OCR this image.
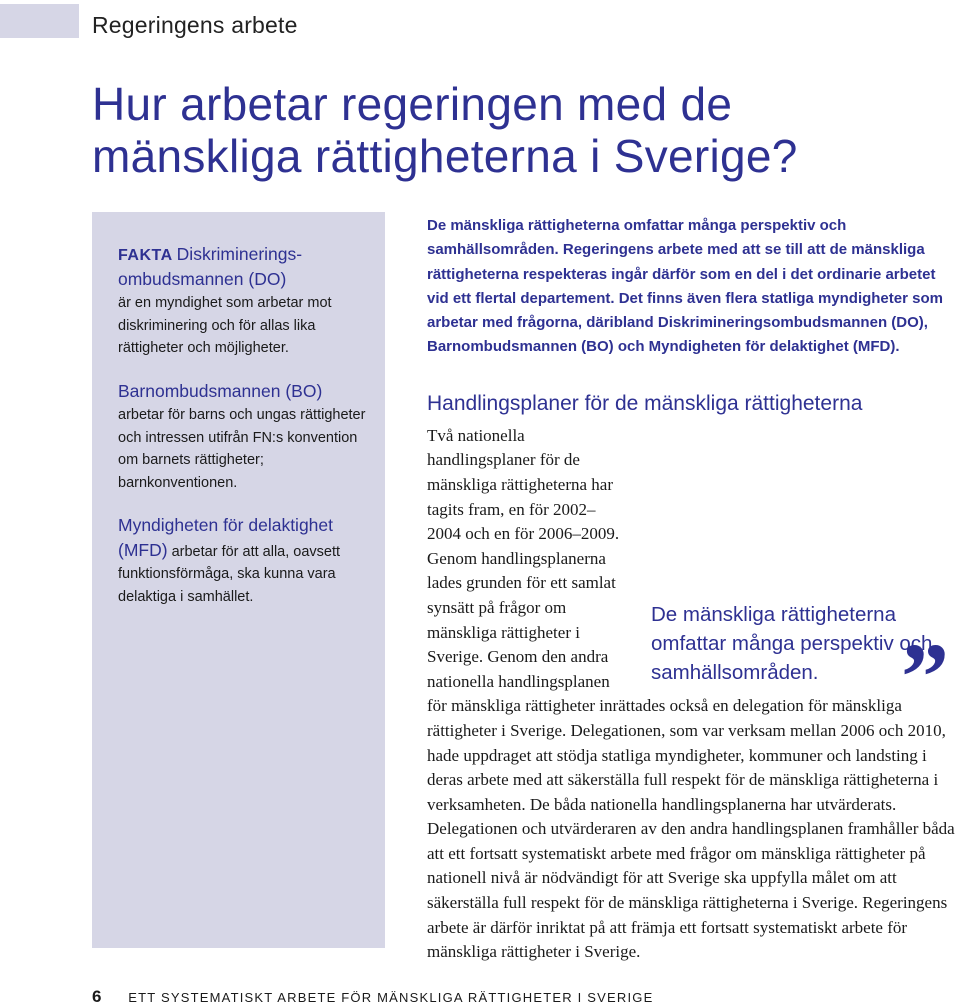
Regeringens arbete
Hur arbetar regeringen med de mänskliga rättigheterna i Sverige?

FAKTA Diskrimineringsombudsmannen (DO)
är en myndighet som arbetar mot diskriminering och för allas lika rättigheter och möjligheter.

Barnombudsmannen (BO)
arbetar för barns och ungas rättigheter och intressen utifrån FN:s konvention om barnets rättigheter; barnkonventionen.

Myndigheten för delaktighet (MFD) arbetar för att alla, oavsett funktionsförmåga, ska kunna vara delaktiga i samhället.

De mänskliga rättigheterna omfattar många perspektiv och samhällsområden. Regeringens arbete med att se till att de mänskliga rättigheterna respekteras ingår därför som en del i det ordinarie arbetet vid ett flertal departement. Det finns även flera statliga myndigheter som arbetar med frågorna, däribland Diskrimineringsombudsmannen (DO), Barnombudsmannen (BO) och Myndigheten för delaktighet (MFD).

Handlingsplaner för de mänskliga rättigheterna
De mänskliga rättigheterna omfattar många perspektiv och samhällsområden. ”
Två nationella handlingsplaner för de mänskliga rättigheterna har tagits fram, en för 2002–2004 och en för 2006–2009. Genom handlingsplanerna lades grunden för ett samlat synsätt på frågor om mänskliga rättigheter i Sverige. Genom den andra nationella handlingsplanen för mänskliga rättigheter inrättades också en delegation för mänskliga rättigheter i Sverige. Delegationen, som var verksam mellan 2006 och 2010, hade uppdraget att stödja statliga myndigheter, kommuner och landsting i deras arbete med att säkerställa full respekt för de mänskliga rättigheterna i verksamheten. De båda nationella handlingsplanerna har utvärderats. Delegationen och utvärderaren av den andra handlingsplanen framhåller båda att ett fortsatt systematiskt arbete med frågor om mänskliga rättigheter på nationell nivå är nödvändigt för att Sverige ska uppfylla målet om att säkerställa full respekt för de mänskliga rättigheterna i Sverige. Regeringens arbete är därför inriktat på att främja ett fortsatt systematiskt arbete för mänskliga rättigheter i Sverige.
6 ETT SYSTEMATISKT ARBETE FÖR MÄNSKLIGA RÄTTIGHETER I SVERIGE
